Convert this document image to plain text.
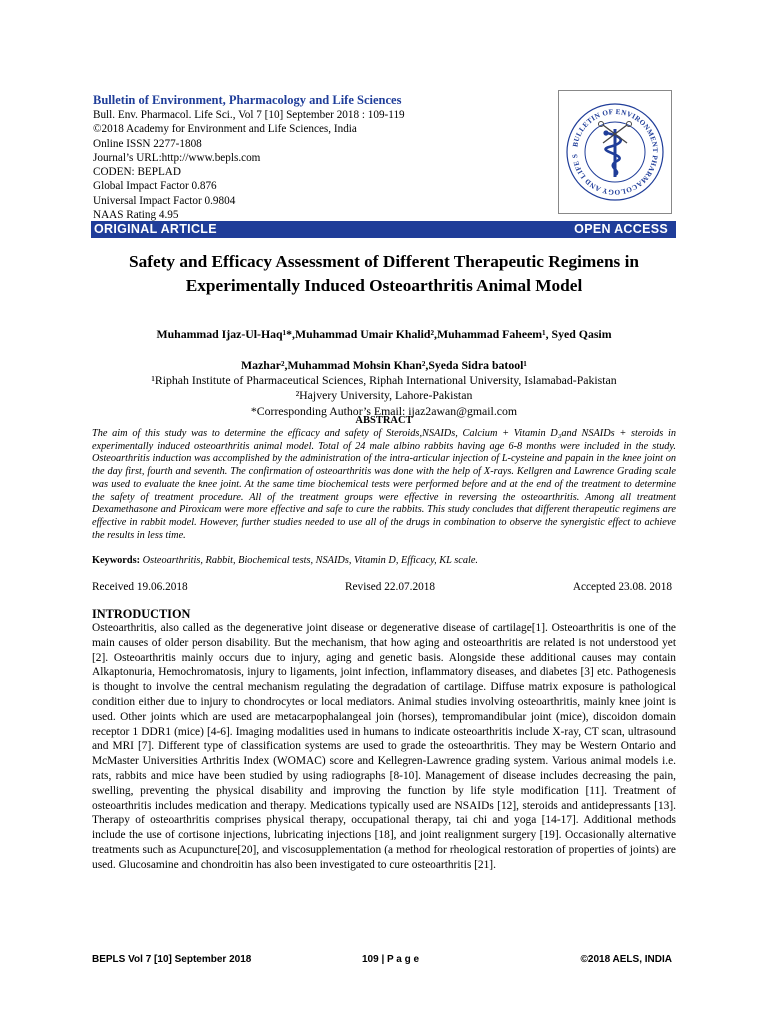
Bulletin of Environment, Pharmacology and Life Sciences
Bull. Env. Pharmacol. Life Sci., Vol 7 [10] September 2018 : 109-119
©2018 Academy for Environment and Life Sciences, India
Online ISSN 2277-1808
Journal’s URL:http://www.bepls.com
CODEN: BEPLAD
Global Impact Factor 0.876
Universal Impact Factor 0.9804
NAAS Rating 4.95
BULLETIN OF ENVIRONMENT PHARMACOLOGY AND LIFE S
ORIGINAL ARTICLE	OPEN ACCESS
Safety and Efficacy Assessment of Different Therapeutic Regimens in Experimentally Induced Osteoarthritis Animal Model
Muhammad Ijaz-Ul-Haq¹*,Muhammad Umair Khalid²,Muhammad Faheem¹, Syed Qasim
Mazhar²,Muhammad Mohsin Khan²,Syeda Sidra batool¹
¹Riphah Institute of Pharmaceutical Sciences, Riphah International University, Islamabad-Pakistan
²Hajvery University, Lahore-Pakistan
*Corresponding Author’s Email: ijaz2awan@gmail.com
ABSTRACT
The aim of this study was to determine the efficacy and safety of Steroids,NSAIDs, Calcium + Vitamin D₃and NSAIDs + steroids in experimentally induced osteoarthritis animal model. Total of 24 male albino rabbits having age 6-8 months were included in the study. Osteoarthritis induction was accomplished by the administration of the intra-articular injection of L-cysteine and papain in the knee joint on the day first, fourth and seventh. The confirmation of osteoarthritis was done with the help of X-rays. Kellgren and Lawrence Grading scale was used to evaluate the knee joint. At the same time biochemical tests were performed before and at the end of the treatment to determine the safety of treatment procedure. All of the treatment groups were effective in reversing the osteoarthritis. Among all treatment Dexamethasone and Piroxicam were more effective and safe to cure the rabbits. This study concludes that different therapeutic regimens are effective in rabbit model. However, further studies needed to use all of the drugs in combination to observe the synergistic effect to achieve the results in less time.
Keywords: Osteoarthritis, Rabbit, Biochemical tests, NSAIDs, Vitamin D, Efficacy, KL scale.
Received 19.06.2018	Revised 22.07.2018	Accepted 23.08. 2018
INTRODUCTION
Osteoarthritis, also called as the degenerative joint disease or degenerative disease of cartilage[1]. Osteoarthritis is one of the main causes of older person disability. But the mechanism, that how aging and osteoarthritis are related is not understood yet [2]. Osteoarthritis mainly occurs due to injury, aging and genetic basis. Alongside these additional causes may contain Alkaptonuria, Hemochromatosis, injury to ligaments, joint infection, inflammatory diseases, and diabetes [3] etc. Pathogenesis is thought to involve the central mechanism regulating the degradation of cartilage. Diffuse matrix exposure is pathological condition either due to injury to chondrocytes or local mediators. Animal studies involving osteoarthritis, mainly knee joint is used. Other joints which are used are metacarpophalangeal join (horses), tempromandibular joint (mice), discoidon domain receptor 1 DDR1 (mice) [4-6]. Imaging modalities used in humans to indicate osteoarthritis include X-ray, CT scan, ultrasound and MRI [7]. Different type of classification systems are used to grade the osteoarthritis. They may be Western Ontario and McMaster Universities Arthritis Index (WOMAC) score and Kellegren-Lawrence grading system. Various animal models i.e. rats, rabbits and mice have been studied by using radiographs [8-10]. Management of disease includes decreasing the pain, swelling, preventing the physical disability and improving the function by life style modification [11]. Treatment of osteoarthritis includes medication and therapy. Medications typically used are NSAIDs [12], steroids and antidepressants [13]. Therapy of osteoarthritis comprises physical therapy, occupational therapy, tai chi and yoga [14-17]. Additional methods include the use of cortisone injections, lubricating injections [18], and joint realignment surgery [19]. Occasionally alternative treatments such as Acupuncture[20], and viscosupplementation (a method for rheological restoration of properties of joints) are used. Glucosamine and chondroitin has also been investigated to cure osteoarthritis [21].
BEPLS Vol 7 [10] September 2018	109 | P a g e	©2018 AELS, INDIA
